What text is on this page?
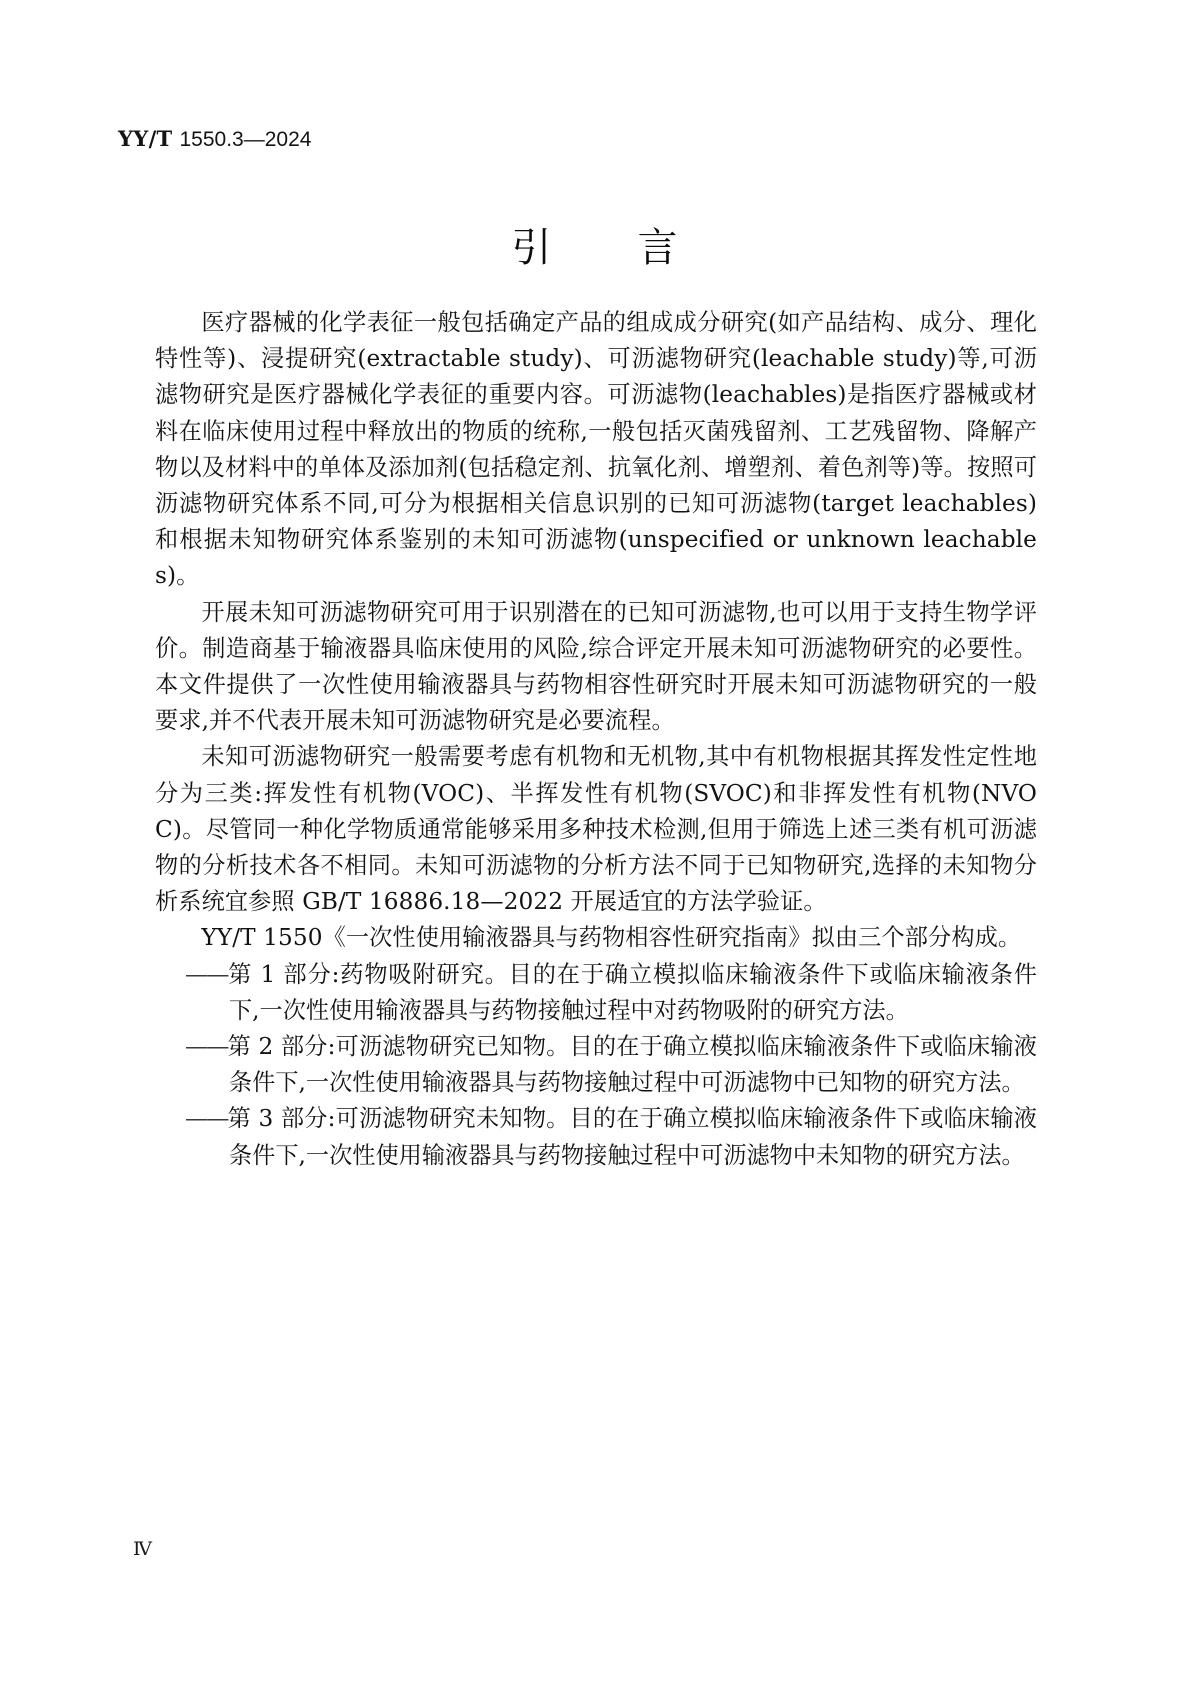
YY/T 1550.3—2024
引　　言

医疗器械的化学表征一般包括确定产品的组成成分研究(如产品结构、成分、理化特性等)、浸提研究(extractable study)、可沥滤物研究(leachable study)等,可沥滤物研究是医疗器械化学表征的重要内容。可沥滤物(leachables)是指医疗器械或材料在临床使用过程中释放出的物质的统称,一般包括灭菌残留剂、工艺残留物、降解产物以及材料中的单体及添加剂(包括稳定剂、抗氧化剂、增塑剂、着色剂等)等。按照可沥滤物研究体系不同,可分为根据相关信息识别的已知可沥滤物(target leachables)和根据未知物研究体系鉴别的未知可沥滤物(unspecified or unknown leachables)。

开展未知可沥滤物研究可用于识别潜在的已知可沥滤物,也可以用于支持生物学评价。制造商基于输液器具临床使用的风险,综合评定开展未知可沥滤物研究的必要性。本文件提供了一次性使用输液器具与药物相容性研究时开展未知可沥滤物研究的一般要求,并不代表开展未知可沥滤物研究是必要流程。

未知可沥滤物研究一般需要考虑有机物和无机物,其中有机物根据其挥发性定性地分为三类:挥发性有机物(VOC)、半挥发性有机物(SVOC)和非挥发性有机物(NVOC)。尽管同一种化学物质通常能够采用多种技术检测,但用于筛选上述三类有机可沥滤物的分析技术各不相同。未知可沥滤物的分析方法不同于已知物研究,选择的未知物分析系统宜参照 GB/T 16886.18—2022 开展适宜的方法学验证。

YY/T 1550《一次性使用输液器具与药物相容性研究指南》拟由三个部分构成。

——第 1 部分:药物吸附研究。目的在于确立模拟临床输液条件下或临床输液条件下,一次性使用输液器具与药物接触过程中对药物吸附的研究方法。

——第 2 部分:可沥滤物研究已知物。目的在于确立模拟临床输液条件下或临床输液条件下,一次性使用输液器具与药物接触过程中可沥滤物中已知物的研究方法。

——第 3 部分:可沥滤物研究未知物。目的在于确立模拟临床输液条件下或临床输液条件下,一次性使用输液器具与药物接触过程中可沥滤物中未知物的研究方法。

Ⅳ
